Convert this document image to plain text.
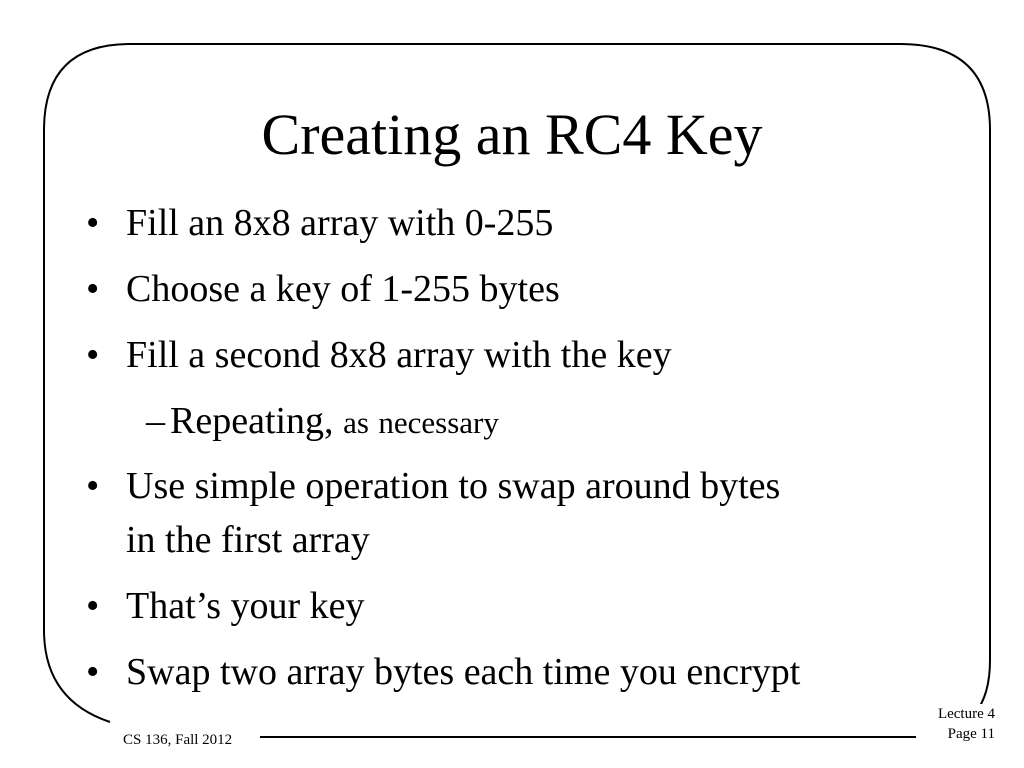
Creating an RC4 Key
• Fill an 8x8 array with 0-255
• Choose a key of 1-255 bytes
• Fill a second 8x8 array with the key
– Repeating, as necessary
• Use simple operation to swap around bytes
in the first array
• That’s your key
• Swap two array bytes each time you encrypt
CS 136, Fall 2012
Lecture 4
Page 11
